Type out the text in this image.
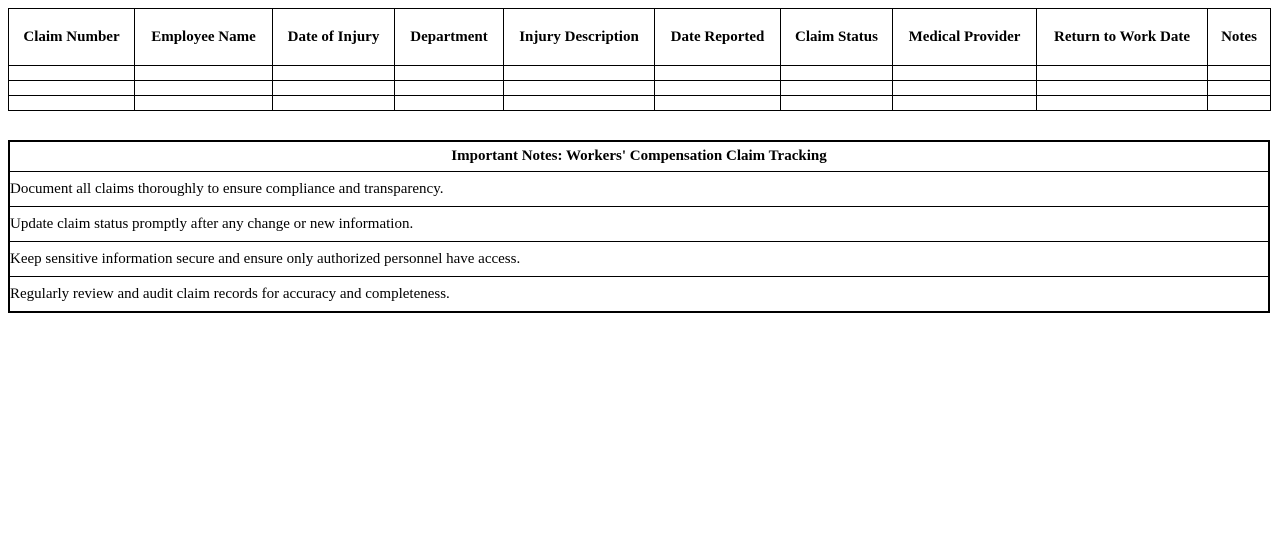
Claim Number	Employee Name	Date of Injury	Department	Injury Description	Date Reported	Claim Status	Medical Provider	Return to Work Date	Notes

Important Notes: Workers' Compensation Claim Tracking
Document all claims thoroughly to ensure compliance and transparency.
Update claim status promptly after any change or new information.
Keep sensitive information secure and ensure only authorized personnel have access.
Regularly review and audit claim records for accuracy and completeness.
